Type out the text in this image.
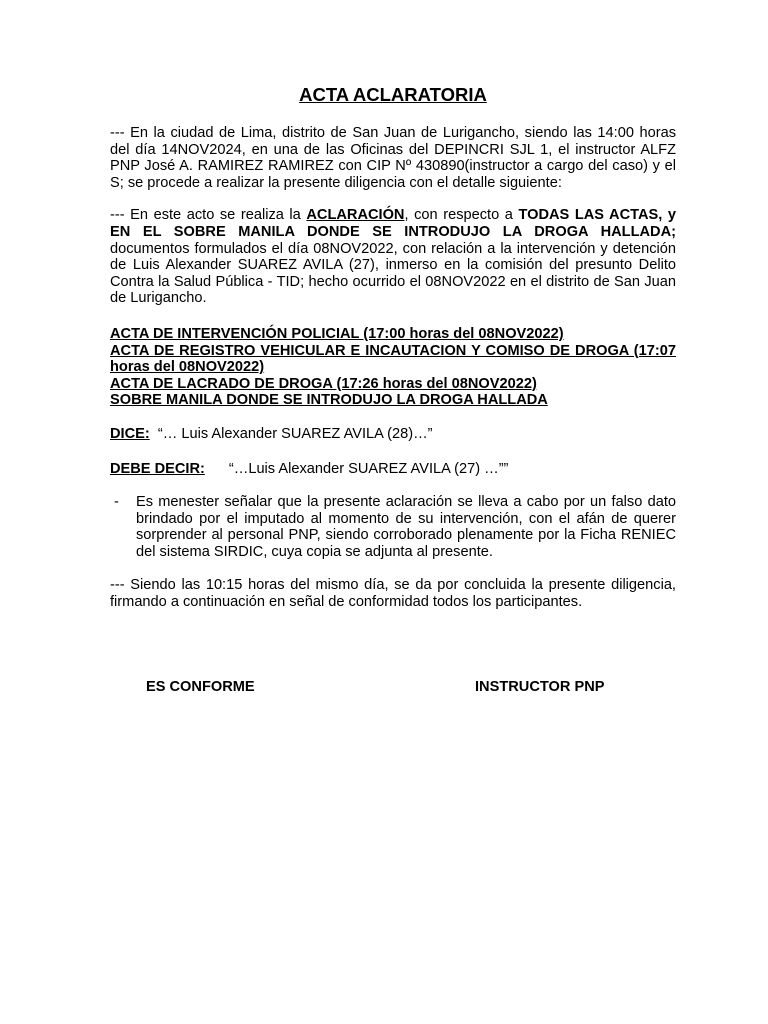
ACTA ACLARATORIA

--- En la ciudad de Lima, distrito de San Juan de Lurigancho, siendo las 14:00 horas del día 14NOV2024, en una de las Oficinas del DEPINCRI SJL 1, el instructor ALFZ PNP José A. RAMIREZ RAMIREZ con CIP Nº 430890(instructor a cargo del caso) y el S; se procede a realizar la presente diligencia con el detalle siguiente:

--- En este acto se realiza la ACLARACIÓN, con respecto a TODAS LAS ACTAS, y EN EL SOBRE MANILA DONDE SE INTRODUJO LA DROGA HALLADA; documentos formulados el día 08NOV2022, con relación a la intervención y detención de Luis Alexander SUAREZ AVILA (27), inmerso en la comisión del presunto Delito Contra la Salud Pública - TID; hecho ocurrido el 08NOV2022 en el distrito de San Juan de Lurigancho.

ACTA DE INTERVENCIÓN POLICIAL (17:00 horas del 08NOV2022)
ACTA DE REGISTRO VEHICULAR E INCAUTACION Y COMISO DE DROGA (17:07 horas del 08NOV2022)
ACTA DE LACRADO DE DROGA (17:26 horas del 08NOV2022)
SOBRE MANILA DONDE SE INTRODUJO LA DROGA HALLADA
DICE: “… Luis Alexander SUAREZ AVILA (28)…”
DEBE DECIR: “…Luis Alexander SUAREZ AVILA (27) …””
-	Es menester señalar que la presente aclaración se lleva a cabo por un falso dato brindado por el imputado al momento de su intervención, con el afán de querer sorprender al personal PNP, siendo corroborado plenamente por la Ficha RENIEC del sistema SIRDIC, cuya copia se adjunta al presente.

--- Siendo las 10:15 horas del mismo día, se da por concluida la presente diligencia, firmando a continuación en señal de conformidad todos los participantes.

ES CONFORME	INSTRUCTOR PNP
